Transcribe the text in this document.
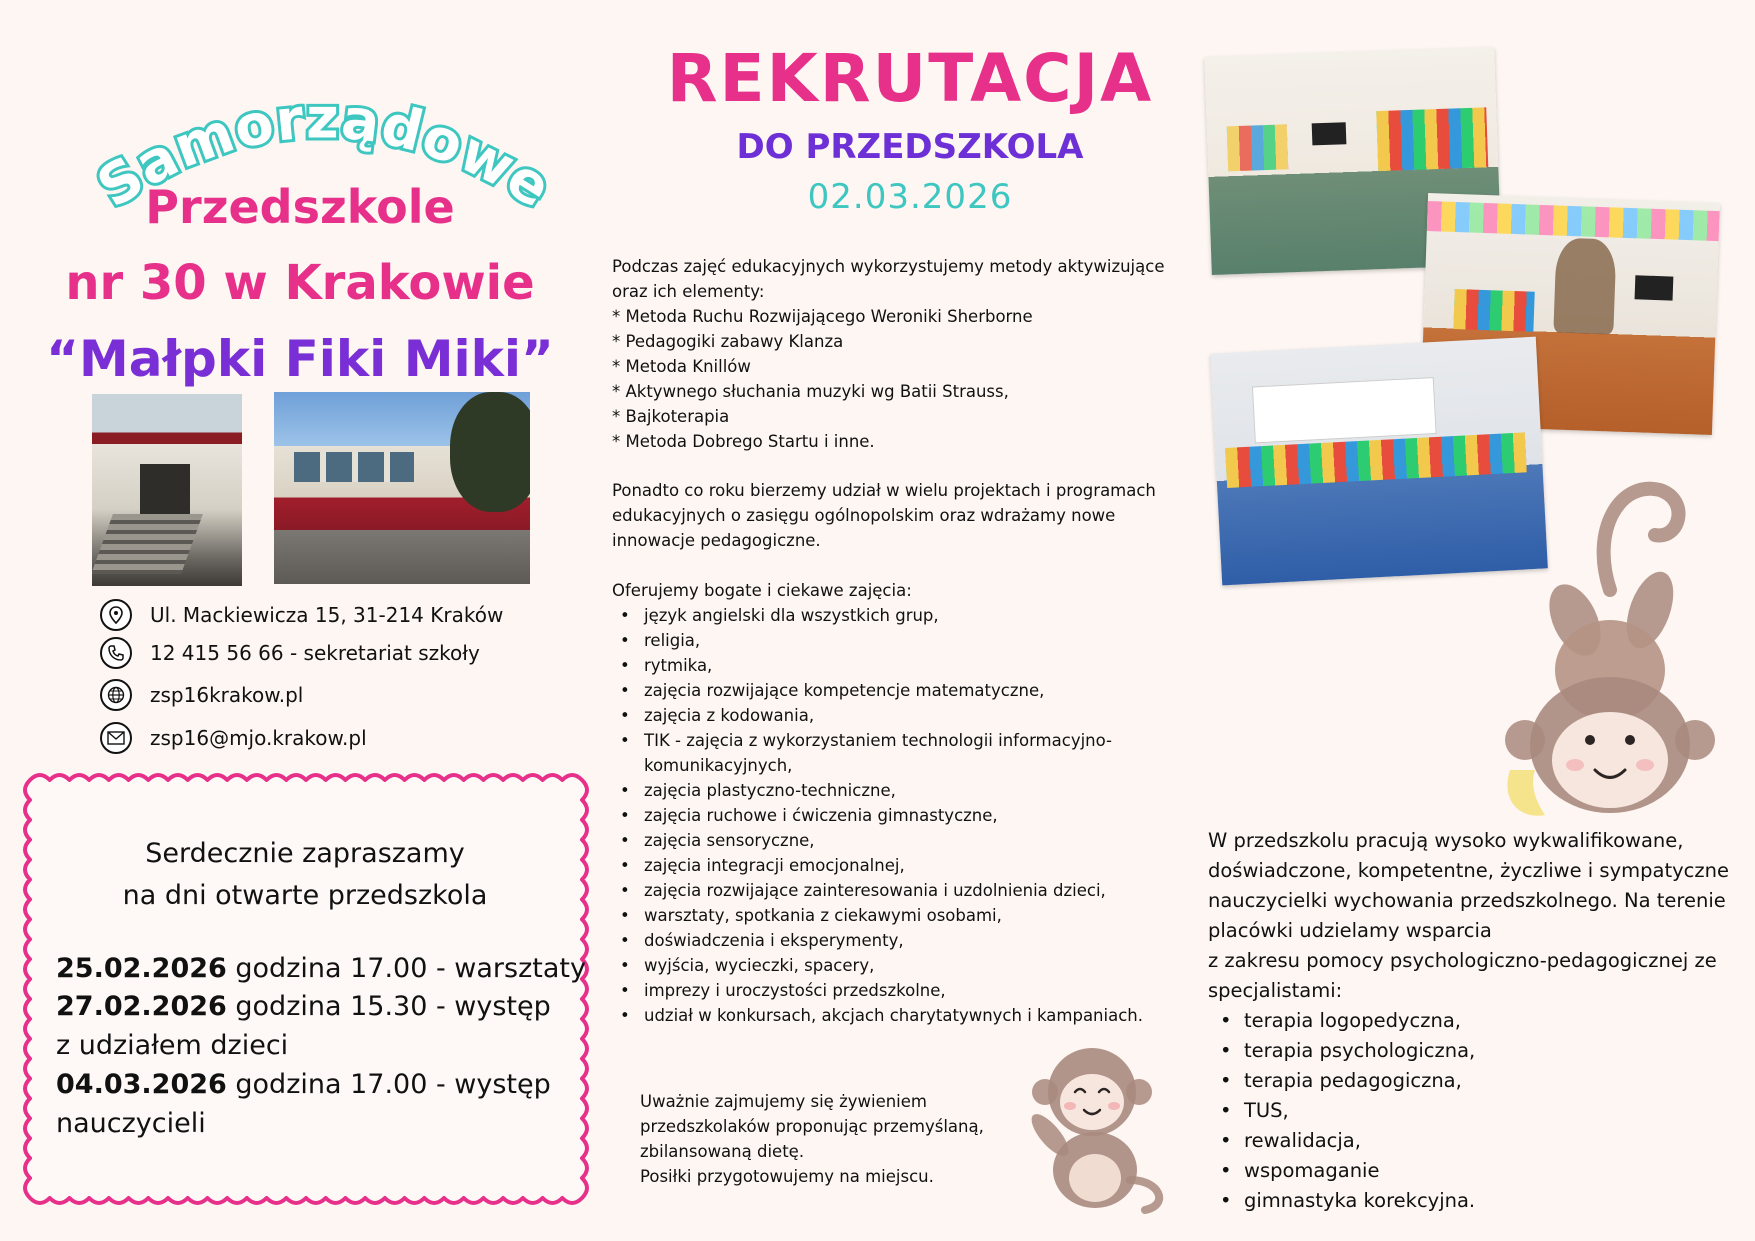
Samorządowe
Przedszkole
nr 30 w Krakowie
“Małpki Fiki Miki”
Ul. Mackiewicza 15, 31-214 Kraków
12 415 56 66 - sekretariat szkoły
zsp16krakow.pl
zsp16@mjo.krakow.pl
Serdecznie zapraszamy
na dni otwarte przedszkola
25.02.2026 godzina 17.00 - warsztaty
27.02.2026 godzina 15.30 - występ
z udziałem dzieci
04.03.2026 godzina 17.00 - występ
nauczycieli
REKRUTACJA
DO PRZEDSZKOLA
02.03.2026
Podczas zajęć edukacyjnych wykorzystujemy metody aktywizujące
oraz ich elementy:
* Metoda Ruchu Rozwijającego Weroniki Sherborne
* Pedagogiki zabawy Klanza
* Metoda Knillów
* Aktywnego słuchania muzyki wg Batii Strauss,
* Bajkoterapia
* Metoda Dobrego Startu i inne.
Ponadto co roku bierzemy udział w wielu projektach i programach
edukacyjnych o zasięgu ogólnopolskim oraz wdrażamy nowe
innowacje pedagogiczne.
Oferujemy bogate i ciekawe zajęcia:
• język angielski dla wszystkich grup,
• religia,
• rytmika,
• zajęcia rozwijające kompetencje matematyczne,
• zajęcia z kodowania,
• TIK - zajęcia z wykorzystaniem technologii informacyjno-
komunikacyjnych,
• zajęcia plastyczno-techniczne,
• zajęcia ruchowe i ćwiczenia gimnastyczne,
• zajęcia sensoryczne,
• zajęcia integracji emocjonalnej,
• zajęcia rozwijające zainteresowania i uzdolnienia dzieci,
• warsztaty, spotkania z ciekawymi osobami,
• doświadczenia i eksperymenty,
• wyjścia, wycieczki, spacery,
• imprezy i uroczystości przedszkolne,
• udział w konkursach, akcjach charytatywnych i kampaniach.
Uważnie zajmujemy się żywieniem
przedszkolaków proponując przemyślaną,
zbilansowaną dietę.
Posiłki przygotowujemy na miejscu.
W przedszkolu pracują wysoko wykwalifikowane,
doświadczone, kompetentne, życzliwe i sympatyczne
nauczycielki wychowania przedszkolnego. Na terenie
placówki udzielamy wsparcia
z zakresu pomocy psychologiczno-pedagogicznej ze
specjalistami:
• terapia logopedyczna,
• terapia psychologiczna,
• terapia pedagogiczna,
• TUS,
• rewalidacja,
• wspomaganie
• gimnastyka korekcyjna.
